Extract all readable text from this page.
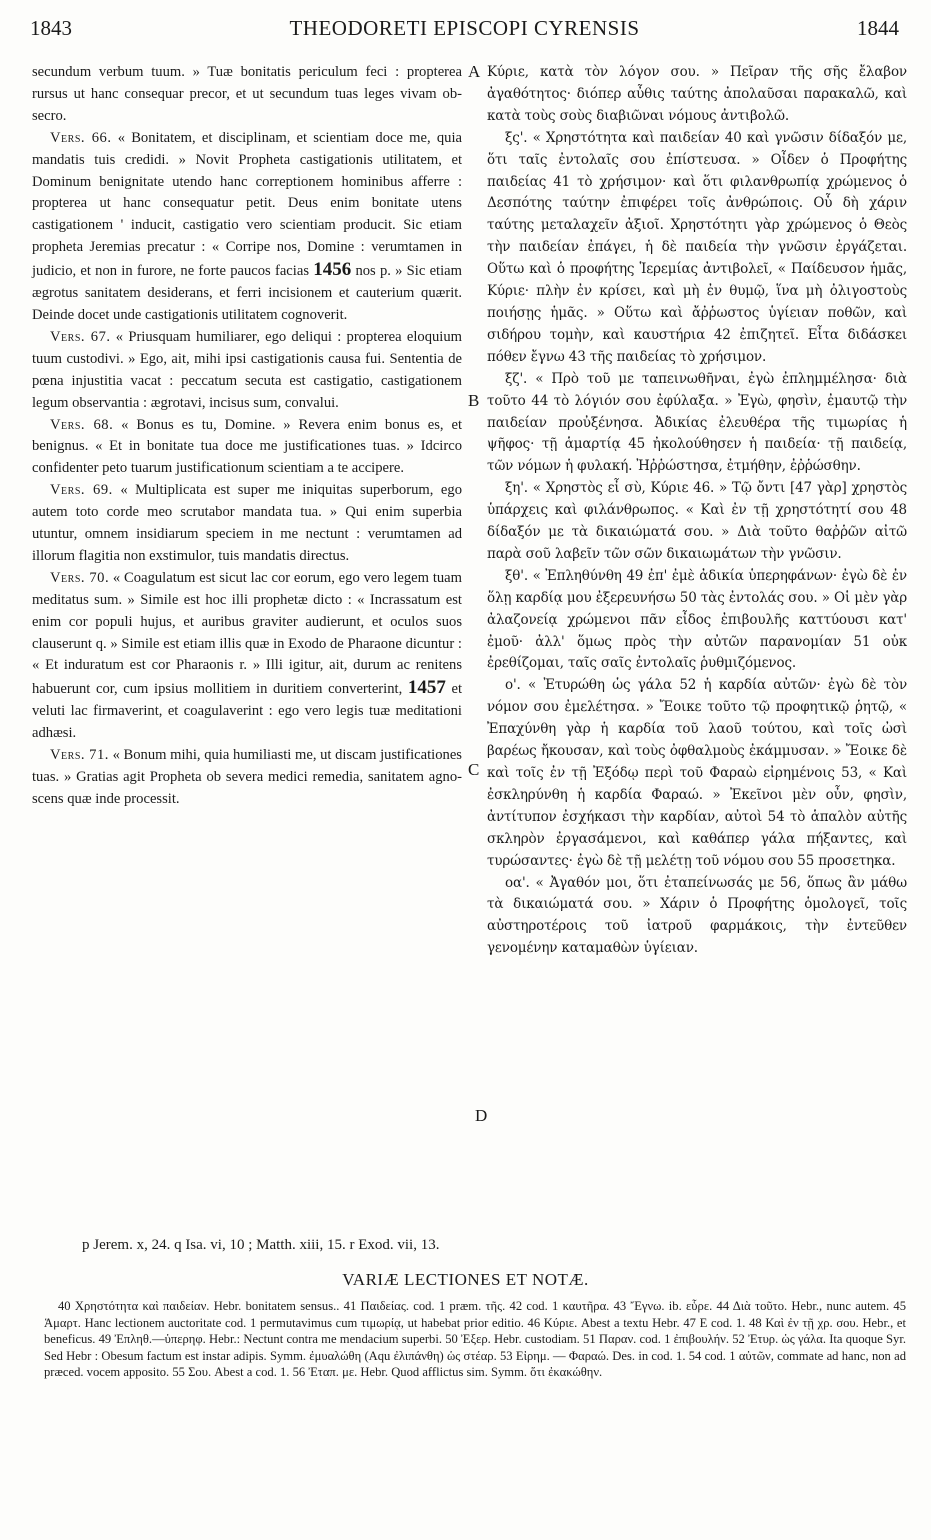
1843	THEODORETI EPISCOPI CYRENSIS	1844

secundum verbum tuum. » Tuæ bonitatis periculum feci : propterea rursus ut hanc consequar precor, et ut secundum tuas leges vivam obsecro.

Vers. 66. « Bonitatem, et disciplinam, et scientiam doce me, quia mandatis tuis credidi. » Novit Propheta castigationis utilitatem, et Dominum benignitate utendo hanc correptionem hominibus afferre : propterea ut hanc consequatur petit. Deus enim bonitate utens castigationem ' inducit, castigatio vero scientiam producit. Sic etiam propheta Jeremias precatur : « Corripe nos, Domine : verumtamen in judicio, et non in furore, ne forte paucos facias 1456 nos p. » Sic etiam ægrotus sanitatem desiderans, et ferri incisionem et cauterium quærit. Deinde docet unde castigationis utilitatem cognoverit.

Vers. 67. « Priusquam humiliarer, ego deliqui : propterea eloquium tuum custodivi. » Ego, ait, mihi ipsi castigationis causa fui. Sententia de pœna injustitia vacat : peccatum secuta est castigatio, castigationem legum observantia : ægrotavi, incisus sum, convalui.

Vers. 68. « Bonus es tu, Domine. » Revera enim bonus es, et benignus. « Et in bonitate tua doce me justificationes tuas. » Idcirco confidenter peto tuarum justificationum scientiam a te accipere.

Vers. 69. « Multiplicata est super me iniquitas superborum, ego autem toto corde meo scrutabor mandata tua. » Qui enim superbia utuntur, omnem insidiarum speciem in me nectunt : verumtamen ad illorum flagitia non exstimulor, tuis mandatis directus.

Vers. 70. « Coagulatum est sicut lac cor eorum, ego vero legem tuam meditatus sum. » Simile est hoc illi prophetæ dicto : « Incrassatum est enim cor populi hujus, et auribus graviter audierunt, et oculos suos clauserunt q. » Simile est etiam illis quæ in Exodo de Pharaone dicuntur : « Et induratum est cor Pharaonis r. » Illi igitur, ait, durum ac renitens habuerunt cor, cum ipsius mollitiem in duritiem converterint, 1457 et veluti lac firmaverint, et coagulaverint : ego vero legis tuæ meditationi adhæsi.

Vers. 71. « Bonum mihi, quia humiliasti me, ut discam justificationes tuas. » Gratias agit Propheta ob severa medici remedia, sanitatem agnoscens quæ inde processit.

A
B
C
D

Κύριε, κατὰ τὸν λόγον σου. » Πεῖραν τῆς σῆς ἔλαβον ἀγαθότητος· διόπερ αὖθις ταύτης ἀπολαῦσαι παρακαλῶ, καὶ κατὰ τοὺς σοὺς διαβιῶναι νόμους ἀντιβολῶ.

ξς'. « Χρηστότητα καὶ παιδείαν 40 καὶ γνῶσιν δίδαξόν με, ὅτι ταῖς ἐντολαῖς σου ἐπίστευσα. » Οἶδεν ὁ Προφήτης παιδείας 41 τὸ χρήσιμον· καὶ ὅτι φιλανθρωπίᾳ χρώμενος ὁ Δεσπότης ταύτην ἐπιφέρει τοῖς ἀνθρώποις. Οὗ δὴ χάριν ταύτης μεταλαχεῖν ἀξιοῖ. Χρηστότητι γὰρ χρώμενος ὁ Θεὸς τὴν παιδείαν ἐπάγει, ἡ δὲ παιδεία τὴν γνῶσιν ἐργάζεται. Οὕτω καὶ ὁ προφήτης Ἱερεμίας ἀντιβολεῖ, « Παίδευσον ἡμᾶς, Κύριε· πλὴν ἐν κρίσει, καὶ μὴ ἐν θυμῷ, ἵνα μὴ ὀλιγοστοὺς ποιήσῃς ἡμᾶς. » Οὕτω καὶ ἄῤῥωστος ὑγίειαν ποθῶν, καὶ σιδήρου τομὴν, καὶ καυστήρια 42 ἐπιζητεῖ. Εἶτα διδάσκει πόθεν ἔγνω 43 τῆς παιδείας τὸ χρήσιμον.

ξζ'. « Πρὸ τοῦ με ταπεινωθῆναι, ἐγὼ ἐπλημμέλησα· διὰ τοῦτο 44 τὸ λόγιόν σου ἐφύλαξα. » Ἐγὼ, φησὶν, ἐμαυτῷ τὴν παιδείαν προὐξένησα. Ἀδικίας ἐλευθέρα τῆς τιμωρίας ἡ ψῆφος· τῇ ἁμαρτίᾳ 45 ἠκολούθησεν ἡ παιδεία· τῇ παιδείᾳ, τῶν νόμων ἡ φυλακή. Ἠῤῥώστησα, ἐτμήθην, ἐῤῥώσθην.

ξη'. « Χρηστὸς εἶ σὺ, Κύριε 46. » Τῷ ὄντι [47 γὰρ] χρηστὸς ὑπάρχεις καὶ φιλάνθρωπος. « Καὶ ἐν τῇ χρηστότητί σου 48 δίδαξόν με τὰ δικαιώματά σου. » Διὰ τοῦτο θαῤῥῶν αἰτῶ παρὰ σοῦ λαβεῖν τῶν σῶν δικαιωμάτων τὴν γνῶσιν.

ξθ'. « Ἐπληθύνθη 49 ἐπ' ἐμὲ ἀδικία ὑπερηφάνων· ἐγὼ δὲ ἐν ὅλῃ καρδίᾳ μου ἐξερευνήσω 50 τὰς ἐντολάς σου. » Οἱ μὲν γὰρ ἀλαζονείᾳ χρώμενοι πᾶν εἶδος ἐπιβουλῆς καττύουσι κατ' ἐμοῦ· ἀλλ' ὅμως πρὸς τὴν αὐτῶν παρανομίαν 51 οὐκ ἐρεθίζομαι, ταῖς σαῖς ἐντολαῖς ῥυθμιζόμενος.

ο'. « Ἐτυρώθη ὡς γάλα 52 ἡ καρδία αὐτῶν· ἐγὼ δὲ τὸν νόμον σου ἐμελέτησα. » Ἔοικε τοῦτο τῷ προφητικῷ ῥητῷ, « Ἐπαχύνθη γὰρ ἡ καρδία τοῦ λαοῦ τούτου, καὶ τοῖς ὠσὶ βαρέως ἤκουσαν, καὶ τοὺς ὀφθαλμοὺς ἐκάμμυσαν. » Ἔοικε δὲ καὶ τοῖς ἐν τῇ Ἐξόδῳ περὶ τοῦ Φαραὼ εἰρημένοις 53, « Καὶ ἐσκληρύνθη ἡ καρδία Φαραώ. » Ἐκεῖνοι μὲν οὖν, φησὶν, ἀντίτυπον ἐσχήκασι τὴν καρδίαν, αὐτοὶ 54 τὸ ἁπαλὸν αὐτῆς σκληρὸν ἐργασάμενοι, καὶ καθάπερ γάλα πήξαντες, καὶ τυρώσαντες· ἐγὼ δὲ τῇ μελέτῃ τοῦ νόμου σου 55 προσετηκα.

οα'. « Ἀγαθόν μοι, ὅτι ἐταπείνωσάς με 56, ὅπως ἂν μάθω τὰ δικαιώματά σου. » Χάριν ὁ Προφήτης ὁμολογεῖ, τοῖς αὐστηροτέροις τοῦ ἰατροῦ φαρμάκοις, τὴν ἐντεῦθεν γενομένην καταμαθὼν ὑγίειαν.

p Jerem. x, 24. q Isa. vi, 10 ; Matth. xiii, 15. r Exod. vii, 13.
VARIÆ LECTIONES ET NOTÆ.

40 Χρηστότητα καὶ παιδείαν. Hebr. bonitatem sensus.. 41 Παιδείας. cod. 1 præm. τῆς. 42 cod. 1 καυτῆρα. 43 Ἔγνω. ib. εὗρε. 44 Διὰ τοῦτο. Hebr., nunc autem. 45 Ἁμαρτ. Hanc lectionem auctoritate cod. 1 permutavimus cum τιμωρίᾳ, ut habebat prior editio. 46 Κύριε. Abest a textu Hebr. 47 E cod. 1. 48 Καὶ ἐν τῇ χρ. σου. Hebr., et beneficus. 49 Ἐπληθ.—ὑπερηφ. Hebr.: Nectunt contra me mendacium superbi. 50 Ἐξερ. Hebr. custodiam. 51 Παραν. cod. 1 ἐπιβουλήν. 52 Ἐτυρ. ὡς γάλα. Ita quoque Syr. Sed Hebr : Obesum factum est instar adipis. Symm. ἐμυαλώθη (Aqu ἐλιπάνθη) ὡς στέαρ. 53 Εἰρημ. — Φαραώ. Des. in cod. 1. 54 cod. 1 αὐτῶν, commate ad hanc, non ad præced. vocem apposito. 55 Σου. Abest a cod. 1. 56 Ἐταπ. με. Hebr. Quod afflictus sim. Symm. ὅτι ἐκακώθην.
